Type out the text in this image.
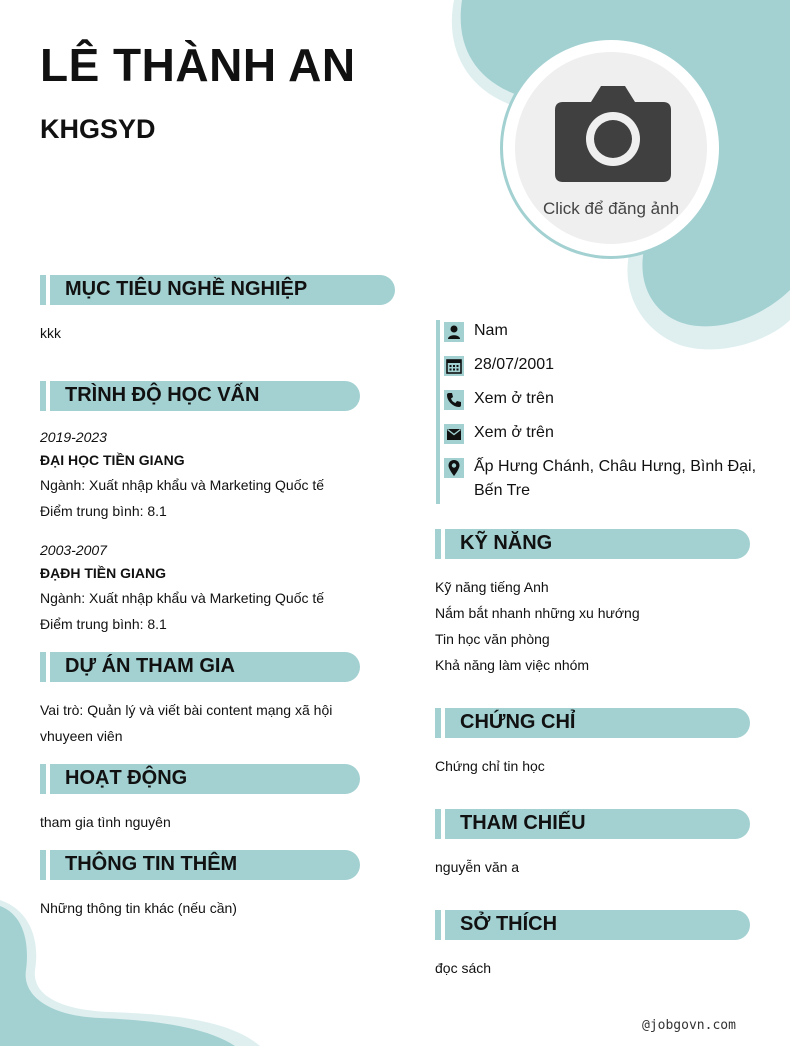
LÊ THÀNH AN
KHGSYD
Click để đăng ảnh
MỤC TIÊU NGHỀ NGHIỆP
kkk
TRÌNH ĐỘ HỌC VẤN
2019-2023
ĐẠI HỌC TIỀN GIANG
Ngành: Xuất nhập khẩu và Marketing Quốc tế
Điểm trung bình: 8.1
2003-2007
ĐẠĐH TIỀN GIANG
Ngành: Xuất nhập khẩu và Marketing Quốc tế
Điểm trung bình: 8.1
DỰ ÁN THAM GIA
Vai trò: Quản lý và viết bài content mạng xã hội
vhuyeen viên
HOẠT ĐỘNG
tham gia tình nguyên
THÔNG TIN THÊM
Những thông tin khác (nếu cần)
Nam
28/07/2001
Xem ở trên
Xem ở trên
Ấp Hưng Chánh, Châu Hưng, Bình Đại,
Bến Tre
KỸ NĂNG
Kỹ năng tiếng Anh
Nắm bắt nhanh những xu hướng
Tin học văn phòng
Khả năng làm việc nhóm
CHỨNG CHỈ
Chứng chỉ tin học
THAM CHIẾU
nguyễn văn a
SỞ THÍCH
đọc sách
@jobgovn.com
